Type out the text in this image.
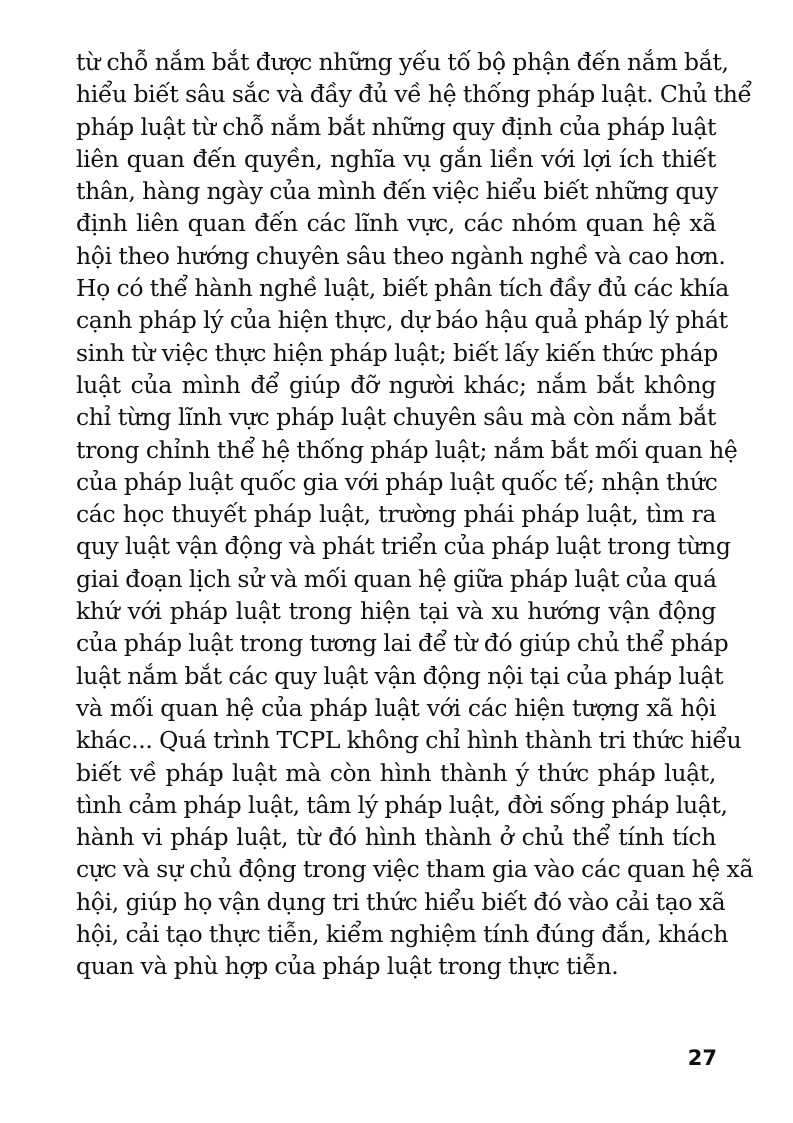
từ chỗ nắm bắt được những yếu tố bộ phận đến nắm bắt,
hiểu biết sâu sắc và đầy đủ về hệ thống pháp luật. Chủ thể
pháp luật từ chỗ nắm bắt những quy định của pháp luật
liên quan đến quyền, nghĩa vụ gắn liền với lợi ích thiết
thân, hàng ngày của mình đến việc hiểu biết những quy
định liên quan đến các lĩnh vực, các nhóm quan hệ xã
hội theo hướng chuyên sâu theo ngành nghề và cao hơn.
Họ có thể hành nghề luật, biết phân tích đầy đủ các khía
cạnh pháp lý của hiện thực, dự báo hậu quả pháp lý phát
sinh từ việc thực hiện pháp luật; biết lấy kiến thức pháp
luật của mình để giúp đỡ người khác; nắm bắt không
chỉ từng lĩnh vực pháp luật chuyên sâu mà còn nắm bắt
trong chỉnh thể hệ thống pháp luật; nắm bắt mối quan hệ
của pháp luật quốc gia với pháp luật quốc tế; nhận thức
các học thuyết pháp luật, trường phái pháp luật, tìm ra
quy luật vận động và phát triển của pháp luật trong từng
giai đoạn lịch sử và mối quan hệ giữa pháp luật của quá
khứ với pháp luật trong hiện tại và xu hướng vận động
của pháp luật trong tương lai để từ đó giúp chủ thể pháp
luật nắm bắt các quy luật vận động nội tại của pháp luật
và mối quan hệ của pháp luật với các hiện tượng xã hội
khác... Quá trình TCPL không chỉ hình thành tri thức hiểu
biết về pháp luật mà còn hình thành ý thức pháp luật,
tình cảm pháp luật, tâm lý pháp luật, đời sống pháp luật,
hành vi pháp luật, từ đó hình thành ở chủ thể tính tích
cực và sự chủ động trong việc tham gia vào các quan hệ xã
hội, giúp họ vận dụng tri thức hiểu biết đó vào cải tạo xã
hội, cải tạo thực tiễn, kiểm nghiệm tính đúng đắn, khách
quan và phù hợp của pháp luật trong thực tiễn.
27
